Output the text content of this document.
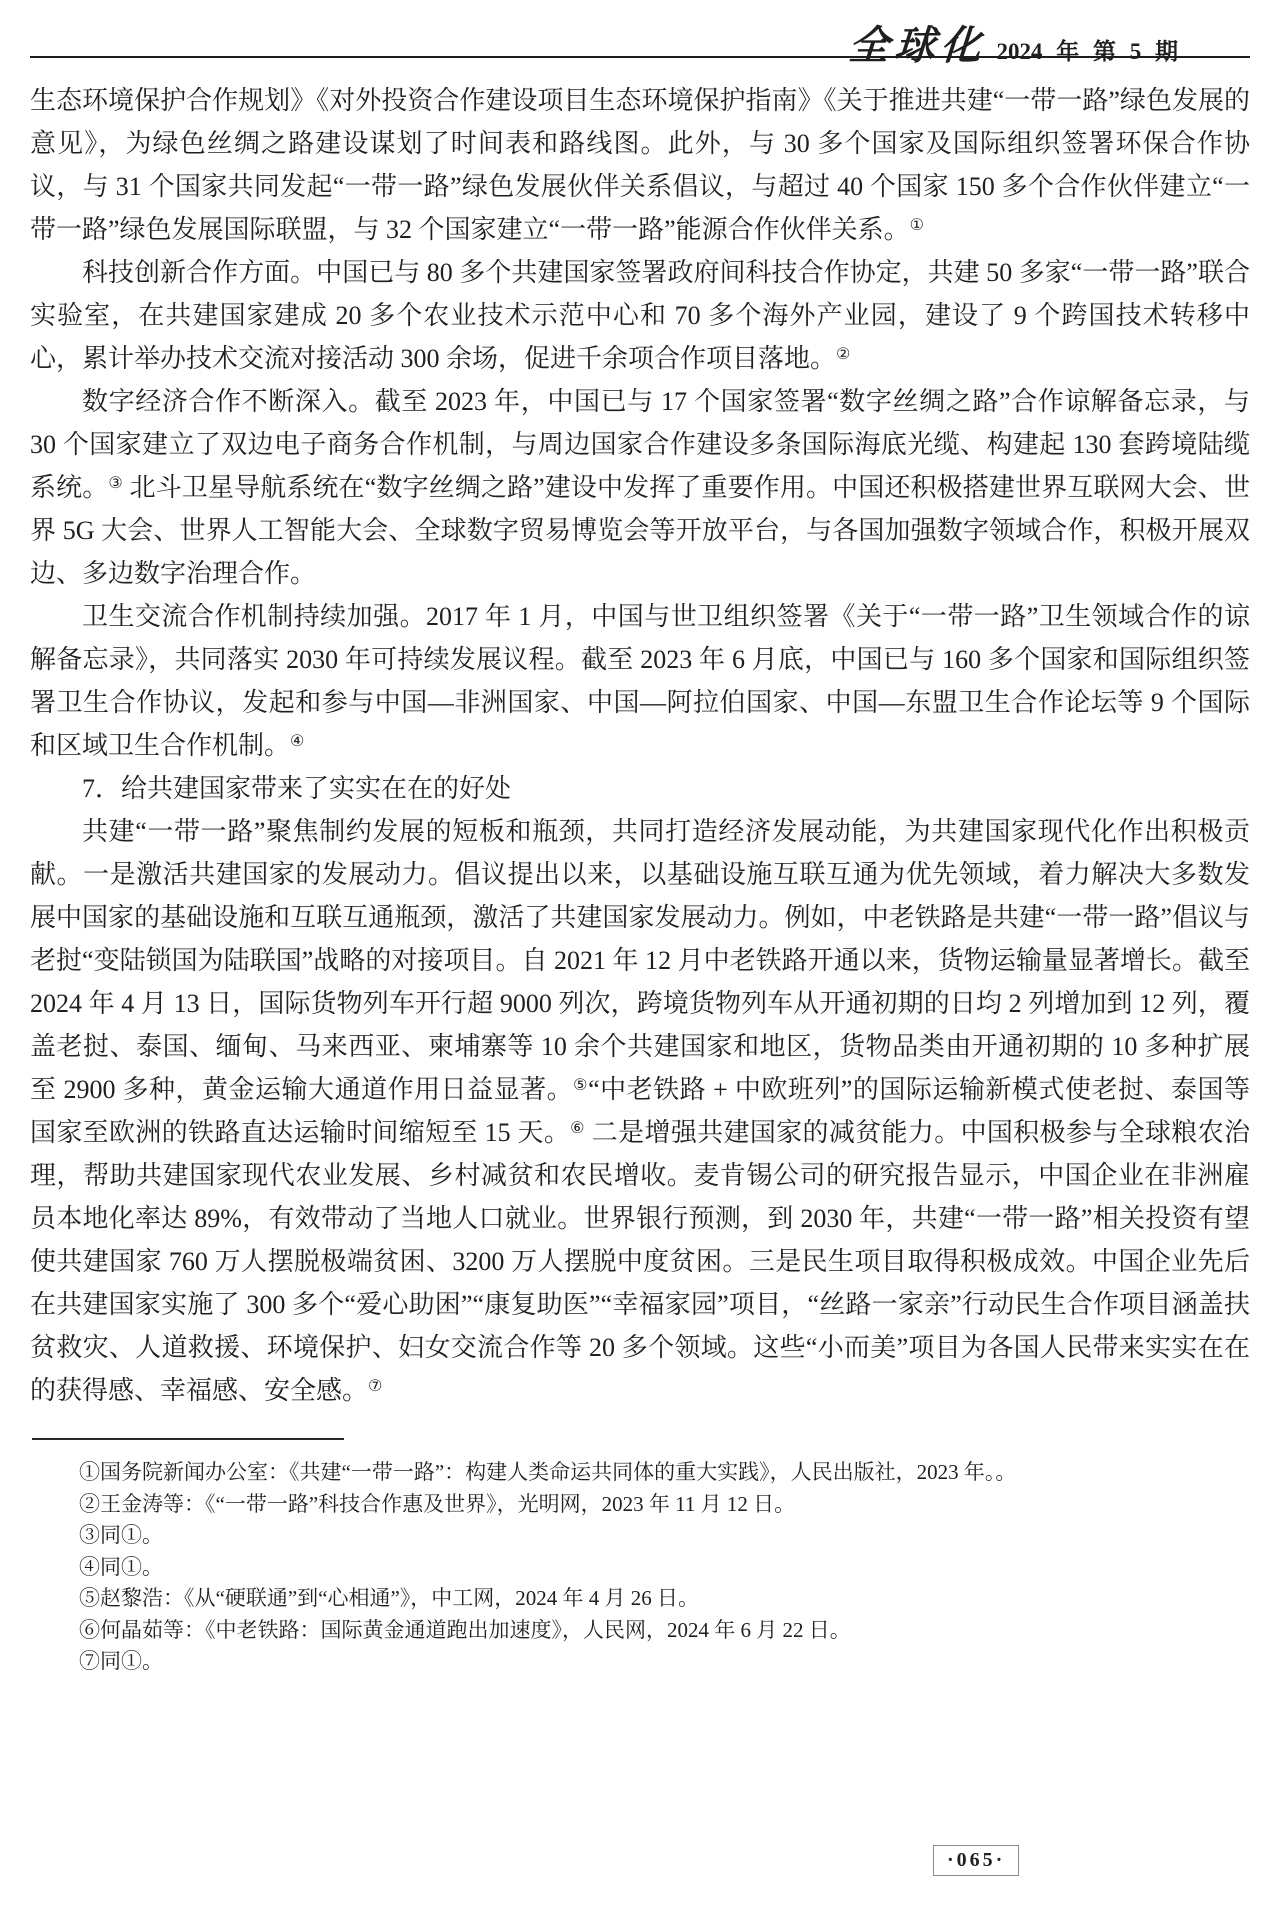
全球化 2024 年 第 5 期

生态环境保护合作规划》《对外投资合作建设项目生态环境保护指南》《关于推进共建“一带一路”绿色发展的意见》，为绿色丝绸之路建设谋划了时间表和路线图。此外，与 30 多个国家及国际组织签署环保合作协议，与 31 个国家共同发起“一带一路”绿色发展伙伴关系倡议，与超过 40 个国家 150 多个合作伙伴建立“一带一路”绿色发展国际联盟，与 32 个国家建立“一带一路”能源合作伙伴关系。①

科技创新合作方面。中国已与 80 多个共建国家签署政府间科技合作协定，共建 50 多家“一带一路”联合实验室，在共建国家建成 20 多个农业技术示范中心和 70 多个海外产业园，建设了 9 个跨国技术转移中心，累计举办技术交流对接活动 300 余场，促进千余项合作项目落地。②

数字经济合作不断深入。截至 2023 年，中国已与 17 个国家签署“数字丝绸之路”合作谅解备忘录，与 30 个国家建立了双边电子商务合作机制，与周边国家合作建设多条国际海底光缆、构建起 130 套跨境陆缆系统。③ 北斗卫星导航系统在“数字丝绸之路”建设中发挥了重要作用。中国还积极搭建世界互联网大会、世界 5G 大会、世界人工智能大会、全球数字贸易博览会等开放平台，与各国加强数字领域合作，积极开展双边、多边数字治理合作。

卫生交流合作机制持续加强。2017 年 1 月，中国与世卫组织签署《关于“一带一路”卫生领域合作的谅解备忘录》，共同落实 2030 年可持续发展议程。截至 2023 年 6 月底，中国已与 160 多个国家和国际组织签署卫生合作协议，发起和参与中国—非洲国家、中国—阿拉伯国家、中国—东盟卫生合作论坛等 9 个国际和区域卫生合作机制。④

7．给共建国家带来了实实在在的好处

共建“一带一路”聚焦制约发展的短板和瓶颈，共同打造经济发展动能，为共建国家现代化作出积极贡献。一是激活共建国家的发展动力。倡议提出以来，以基础设施互联互通为优先领域，着力解决大多数发展中国家的基础设施和互联互通瓶颈，激活了共建国家发展动力。例如，中老铁路是共建“一带一路”倡议与老挝“变陆锁国为陆联国”战略的对接项目。自 2021 年 12 月中老铁路开通以来，货物运输量显著增长。截至 2024 年 4 月 13 日，国际货物列车开行超 9000 列次，跨境货物列车从开通初期的日均 2 列增加到 12 列，覆盖老挝、泰国、缅甸、马来西亚、柬埔寨等 10 余个共建国家和地区，货物品类由开通初期的 10 多种扩展至 2900 多种，黄金运输大通道作用日益显著。⑤“中老铁路 + 中欧班列”的国际运输新模式使老挝、泰国等国家至欧洲的铁路直达运输时间缩短至 15 天。⑥ 二是增强共建国家的减贫能力。中国积极参与全球粮农治理，帮助共建国家现代农业发展、乡村减贫和农民增收。麦肯锡公司的研究报告显示，中国企业在非洲雇员本地化率达 89%，有效带动了当地人口就业。世界银行预测，到 2030 年，共建“一带一路”相关投资有望使共建国家 760 万人摆脱极端贫困、3200 万人摆脱中度贫困。三是民生项目取得积极成效。中国企业先后在共建国家实施了 300 多个“爱心助困”“康复助医”“幸福家园”项目，“丝路一家亲”行动民生合作项目涵盖扶贫救灾、人道救援、环境保护、妇女交流合作等 20 多个领域。这些“小而美”项目为各国人民带来实实在在的获得感、幸福感、安全感。⑦

①国务院新闻办公室：《共建“一带一路”：构建人类命运共同体的重大实践》，人民出版社，2023 年。。

②王金涛等：《“一带一路”科技合作惠及世界》，光明网，2023 年 11 月 12 日。

③同①。

④同①。

⑤赵黎浩：《从“硬联通”到“心相通”》，中工网，2024 年 4 月 26 日。

⑥何晶茹等：《中老铁路：国际黄金通道跑出加速度》，人民网，2024 年 6 月 22 日。

⑦同①。

·065·
